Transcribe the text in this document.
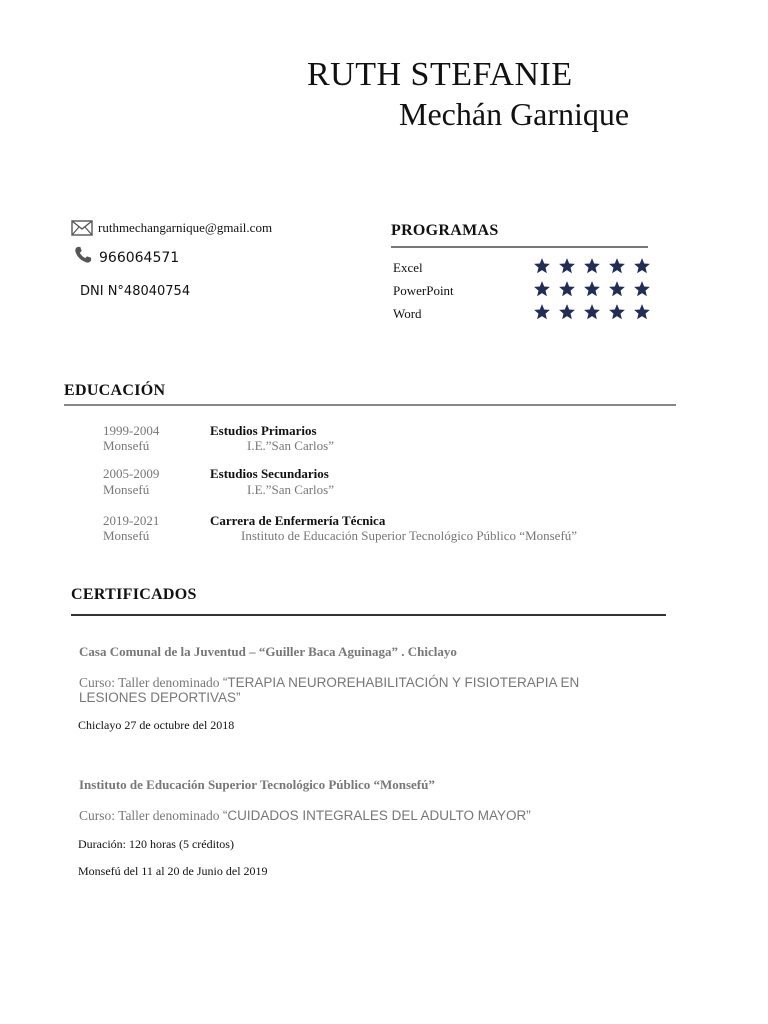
RUTH STEFANIE
Mechán Garnique
ruthmechangarnique@gmail.com
966064571
DNI N°48040754
PROGRAMAS
Excel
PowerPoint
Word
EDUCACIÓN
1999-2004
Monsefú
Estudios Primarios
I.E.”San Carlos”
2005-2009
Monsefú
Estudios Secundarios
I.E.”San Carlos”
2019-2021
Monsefú
Carrera de Enfermería Técnica
Instituto de Educación Superior Tecnológico Público “Monsefú”
CERTIFICADOS
Casa Comunal de la Juventud – “Guiller Baca Aguinaga” . Chiclayo
Curso: Taller denominado “TERAPIA NEUROREHABILITACIÓN Y FISIOTERAPIA EN LESIONES DEPORTIVAS”
Chiclayo 27 de octubre del 2018
Instituto de Educación Superior Tecnológico Público “Monsefú”
Curso: Taller denominado “CUIDADOS INTEGRALES DEL ADULTO MAYOR”
Duración: 120 horas (5 créditos)
Monsefú del 11 al 20 de Junio del 2019
